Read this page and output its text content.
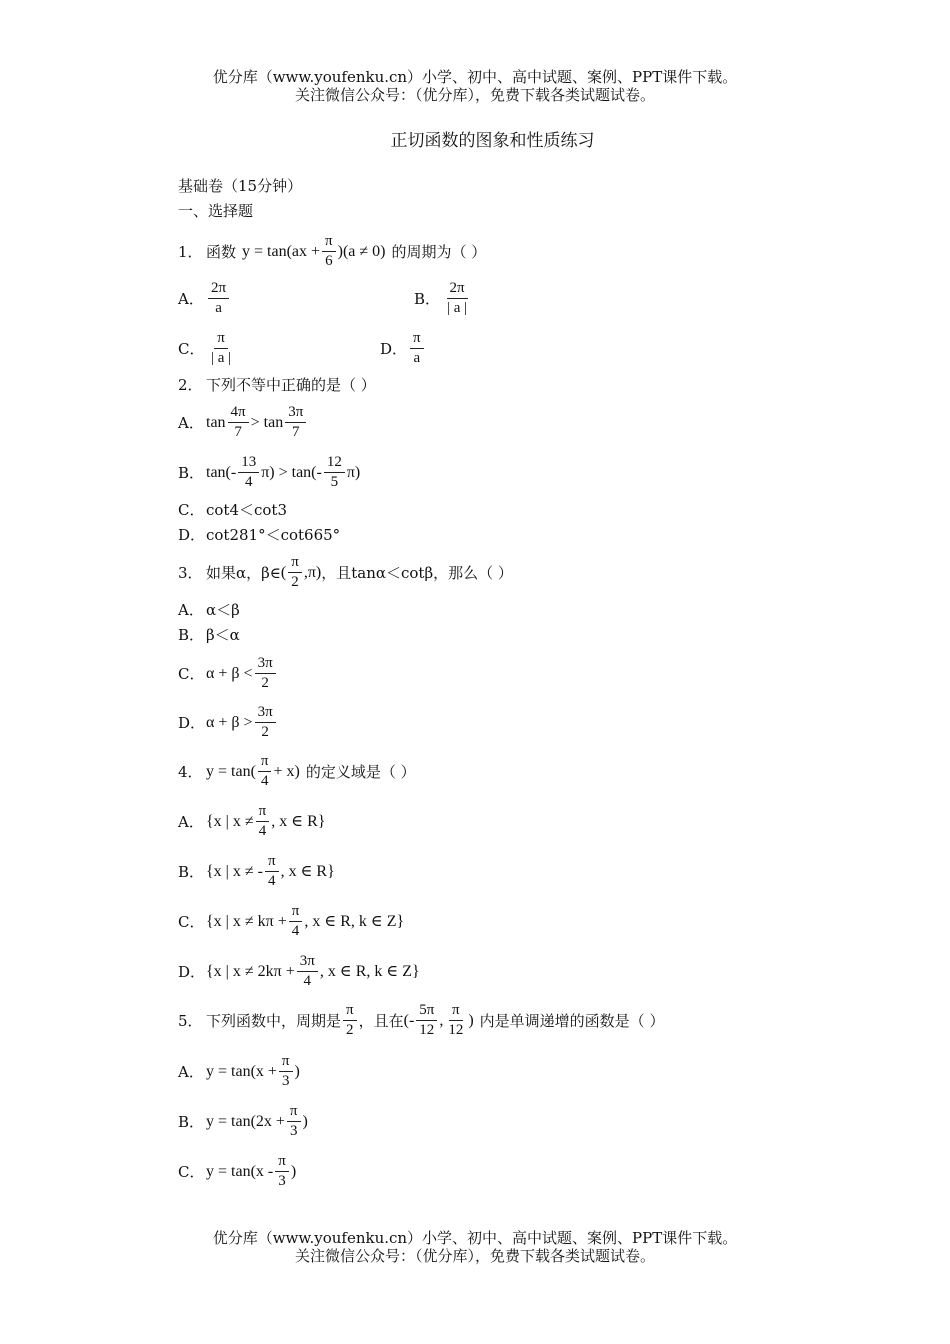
优分库（www.youfenku.cn）小学、初中、高中试题、案例、PPT课件下载。
关注微信公众号：（优分库），免费下载各类试题试卷。
正切函数的图象和性质练习
基础卷（15分钟）
一、选择题
1． 函数 $y = \tan(ax + \frac{\pi}{6} )(a \ne 0)$ 的周期为（ ）
A． $\frac{2\pi}{a}$	B． $\frac{2\pi}{| a |}$
C． $\frac{\pi}{| a |}$	D． $\frac{\pi}{a}$
2． 下列不等中正确的是（ ）
A． $\tan \frac{4\pi}{7} > \tan \frac{3\pi}{7}$
B． $\tan(- \frac{13}{4} \pi) > \tan(- \frac{12}{5} \pi)$
C． cot4＜cot3
D． cot281°＜cot665°
3． 如果α，β∈ ( $\frac{\pi}{2} ,\pi$) ，且tanα＜cotβ，那么（ ）
A． α＜β
B． β＜α
C． $\alpha + \beta < \frac{3\pi}{2}$
D． $\alpha + \beta > \frac{3\pi}{2}$
4． $y = \tan( \frac{\pi}{4} + x)$ 的定义域是（ ）
A． {x | $x \ne \frac{\pi}{4}$ , x ∈ R}
B． {x | x ≠ - $\frac{\pi}{4}$ , x ∈ R}
C． {x | $x \ne k\pi + \frac{\pi}{4}$ , x ∈ R, k ∈ Z}
D． {x | $x \ne 2k\pi + \frac{3\pi}{4}$ , x ∈ R, k ∈ Z}
5． 下列函数中，周期是 $\frac{\pi}{2}$ ，且在 (- $\frac{5\pi}{12}$ , $\frac{\pi}{12}$ ) 内是单调递增的函数是（ ）
A． $y = \tan(x + \frac{\pi}{3}$ )
B． $y = \tan(2x + \frac{\pi}{3}$ )
C． $y = \tan(x - \frac{\pi}{3}$ )
优分库（www.youfenku.cn）小学、初中、高中试题、案例、PPT课件下载。
关注微信公众号：（优分库），免费下载各类试题试卷。
